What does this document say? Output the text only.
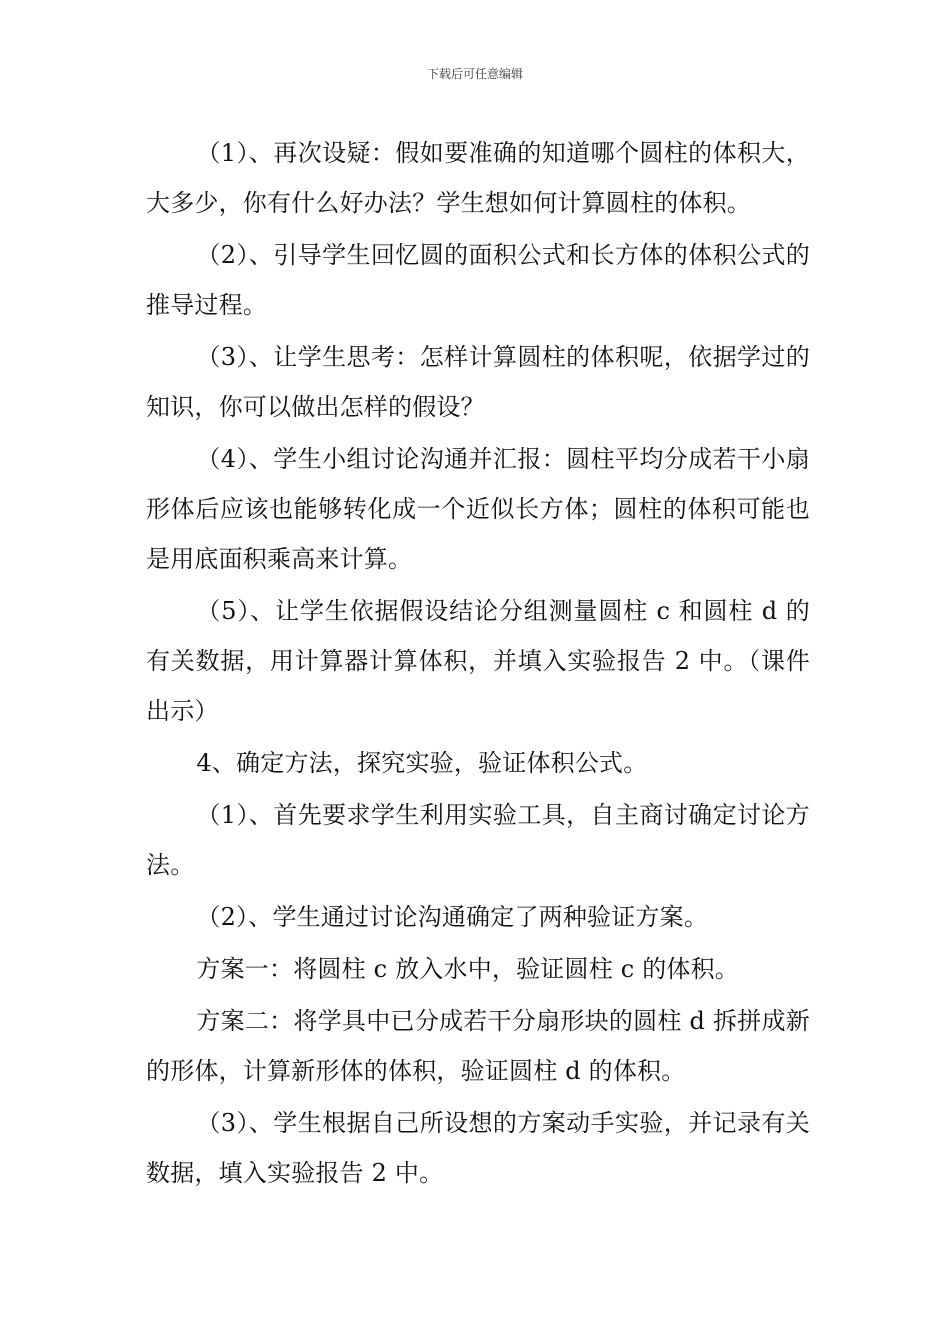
下载后可任意编辑

（1）、再次设疑：假如要准确的知道哪个圆柱的体积大，大多少，你有什么好办法？学生想如何计算圆柱的体积。

（2）、引导学生回忆圆的面积公式和长方体的体积公式的推导过程。

（3）、让学生思考：怎样计算圆柱的体积呢，依据学过的知识，你可以做出怎样的假设？

（4）、学生小组讨论沟通并汇报：圆柱平均分成若干小扇形体后应该也能够转化成一个近似长方体；圆柱的体积可能也是用底面积乘高来计算。

（5）、让学生依据假设结论分组测量圆柱 c 和圆柱 d 的有关数据，用计算器计算体积，并填入实验报告 2 中。（课件出示）

4、确定方法，探究实验，验证体积公式。

（1）、首先要求学生利用实验工具，自主商讨确定讨论方法。

（2）、学生通过讨论沟通确定了两种验证方案。

方案一：将圆柱 c 放入水中，验证圆柱 c 的体积。

方案二：将学具中已分成若干分扇形块的圆柱 d 拆拼成新的形体，计算新形体的体积，验证圆柱 d 的体积。

（3）、学生根据自己所设想的方案动手实验，并记录有关数据，填入实验报告 2 中。
